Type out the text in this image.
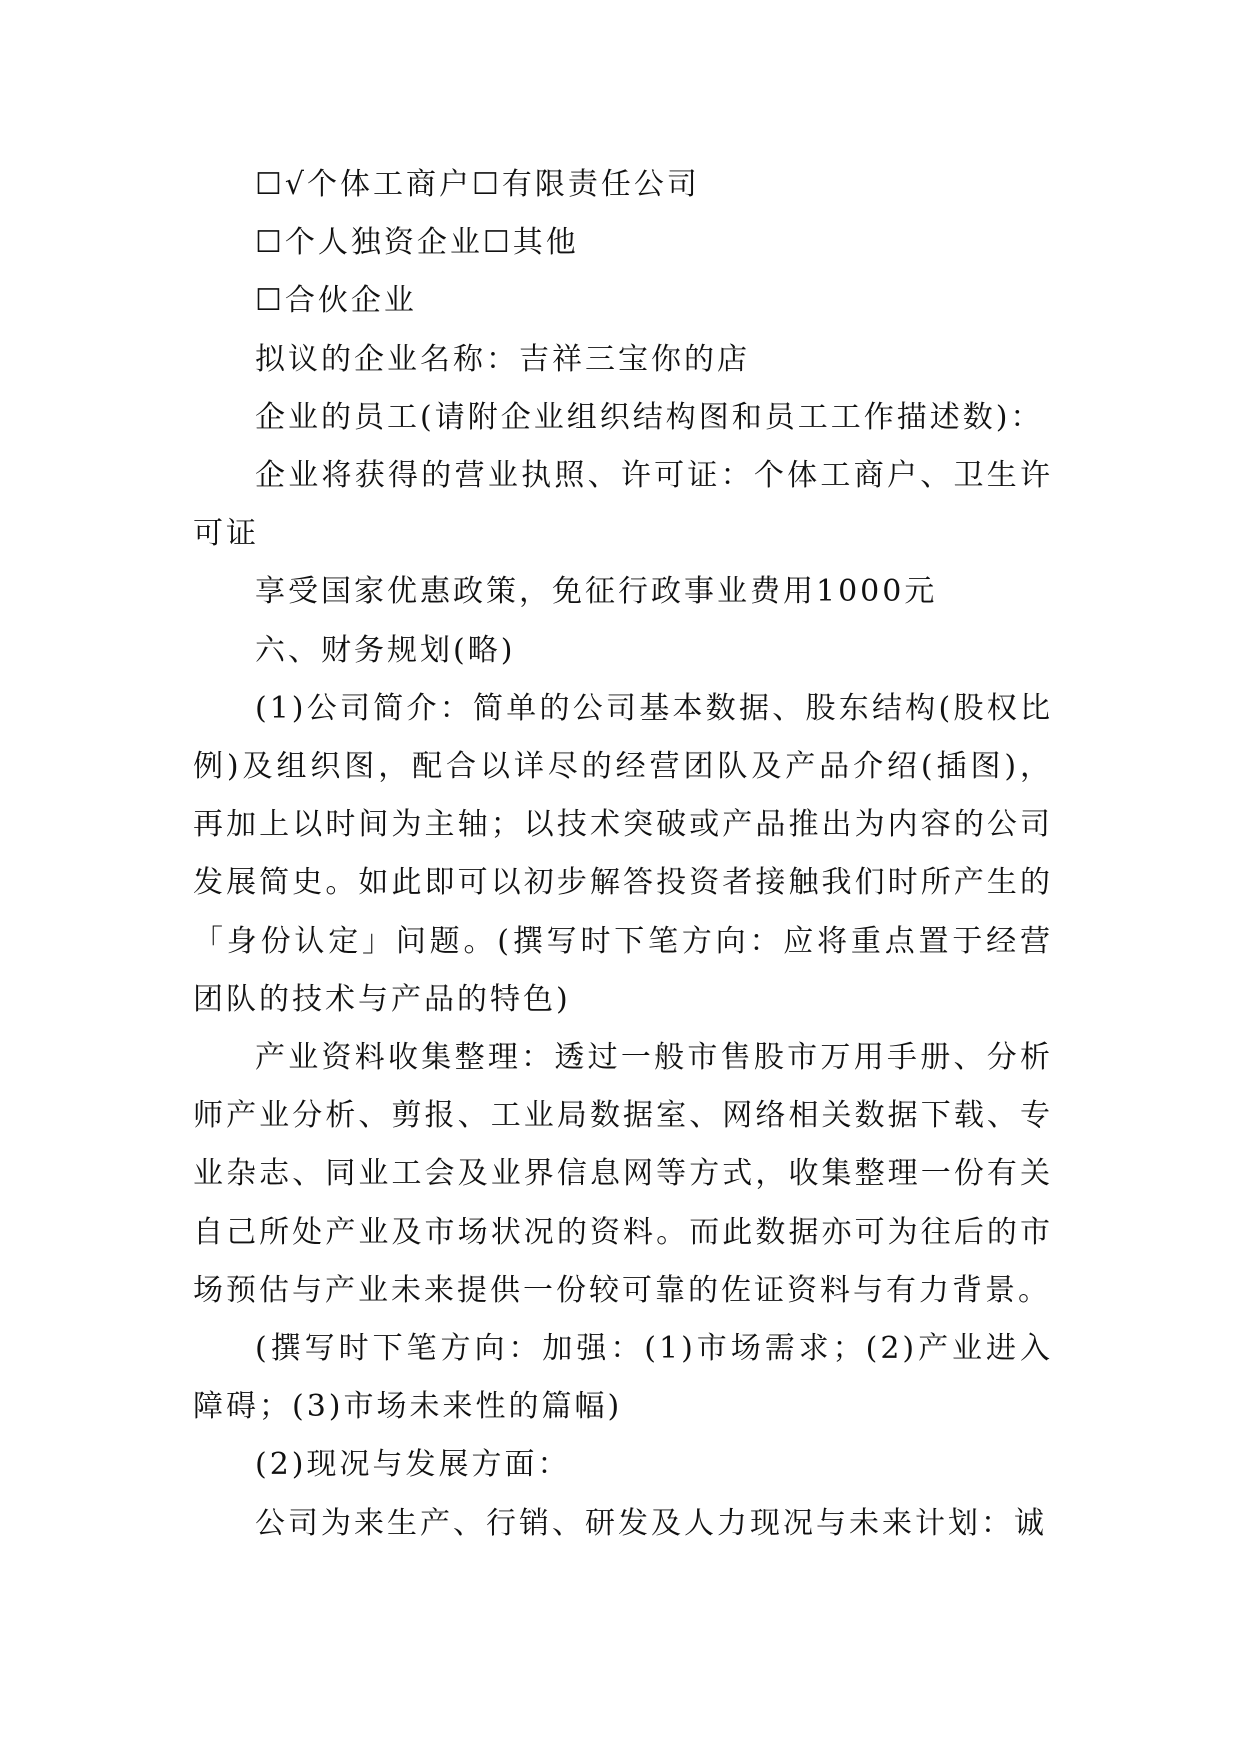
☐√个体工商户☐有限责任公司

☐个人独资企业☐其他

☐合伙企业

拟议的企业名称：吉祥三宝你的店

企业的员工(请附企业组织结构图和员工工作描述数)：

企业将获得的营业执照、许可证：个体工商户、卫生许可证

享受国家优惠政策，免征行政事业费用1000元

六、财务规划(略)

(1)公司简介：简单的公司基本数据、股东结构(股权比例)及组织图，配合以详尽的经营团队及产品介绍(插图)，再加上以时间为主轴；以技术突破或产品推出为内容的公司发展简史。如此即可以初步解答投资者接触我们时所产生的「身份认定」问题。(撰写时下笔方向：应将重点置于经营团队的技术与产品的特色)

产业资料收集整理：透过一般市售股市万用手册、分析师产业分析、剪报、工业局数据室、网络相关数据下载、专业杂志、同业工会及业界信息网等方式，收集整理一份有关自己所处产业及市场状况的资料。而此数据亦可为往后的市场预估与产业未来提供一份较可靠的佐证资料与有力背景。

(撰写时下笔方向：加强：(1)市场需求；(2)产业进入障碍；(3)市场未来性的篇幅)

(2)现况与发展方面：

公司为来生产、行销、研发及人力现况与未来计划：诚
